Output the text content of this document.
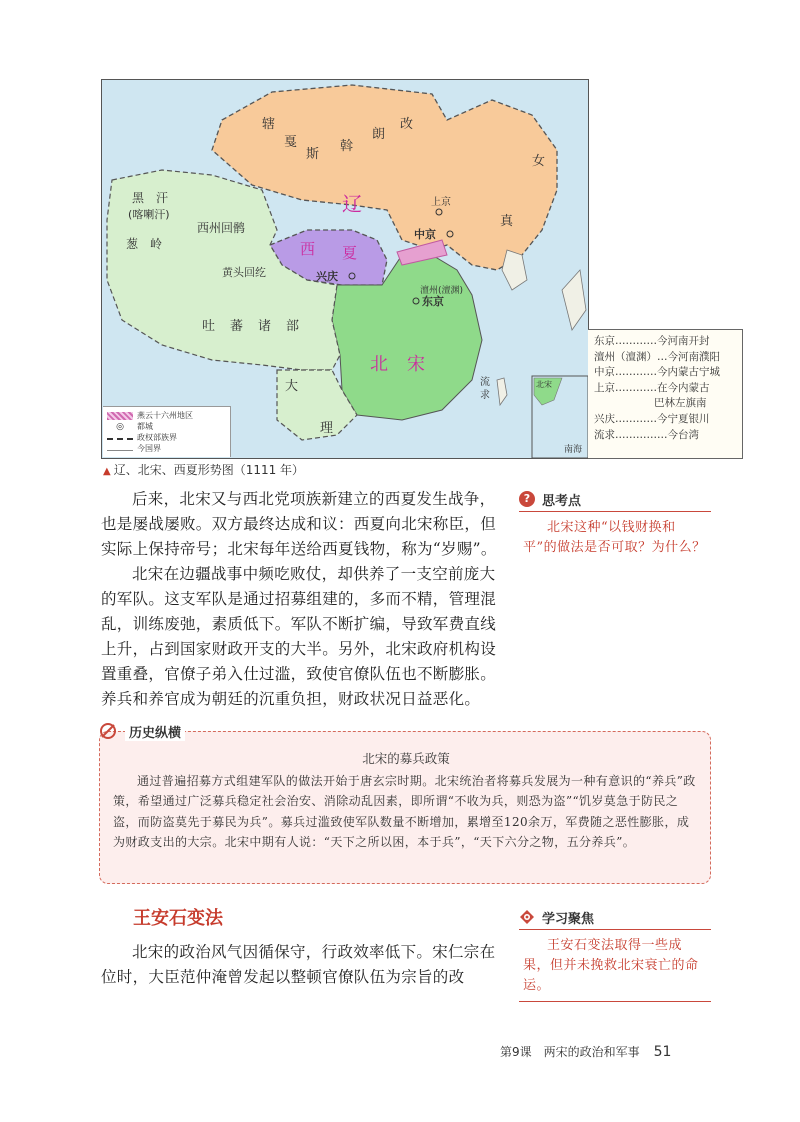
辖
戛
斯
斡
朗
改
女
真
辽
西 夏
北 宋
黑　汗
(喀喇汗)
葱　岭
西州回鹘
黄头回纥
吐 蕃 诸 部
大
理
上京
中京
兴庆
澶州(澶渊)
东京
流
求
北宋
南海
燕云十六州地区
◎	都城
政权部族界
今国界
东京…………今河南开封
澶州（澶渊）…今河南濮阳
中京…………今内蒙古宁城
上京…………在今内蒙古
巴林左旗南
兴庆…………今宁夏银川
流求……………今台湾
▲ 辽、北宋、西夏形势图（1111 年）
后来，北宋又与西北党项族新建立的西夏发生战争，也是屡战屡败。双方最终达成和议：西夏向北宋称臣，但实际上保持帝号；北宋每年送给西夏钱物，称为“岁赐”。
北宋在边疆战事中频吃败仗，却供养了一支空前庞大的军队。这支军队是通过招募组建的，多而不精，管理混乱，训练废弛，素质低下。军队不断扩编，导致军费直线上升，占到国家财政开支的大半。另外，北宋政府机构设置重叠，官僚子弟入仕过滥，致使官僚队伍也不断膨胀。养兵和养官成为朝廷的沉重负担，财政状况日益恶化。
? 思考点
北宋这种“以钱财换和平”的做法是否可取？为什么？
历史纵横
北宋的募兵政策
通过普遍招募方式组建军队的做法开始于唐玄宗时期。北宋统治者将募兵发展为一种有意识的“养兵”政策，希望通过广泛募兵稳定社会治安、消除动乱因素，即所谓“不收为兵，则恐为盗”“饥岁莫急于防民之盗，而防盗莫先于募民为兵”。募兵过滥致使军队数量不断增加，累增至120余万，军费随之恶性膨胀，成为财政支出的大宗。北宋中期有人说：“天下之所以困，本于兵”，“天下六分之物，五分养兵”。
王安石变法
北宋的政治风气因循保守，行政效率低下。宋仁宗在位时，大臣范仲淹曾发起以整顿官僚队伍为宗旨的改
学习聚焦
王安石变法取得一些成果，但并未挽救北宋衰亡的命运。
第9课　两宋的政治和军事 51
